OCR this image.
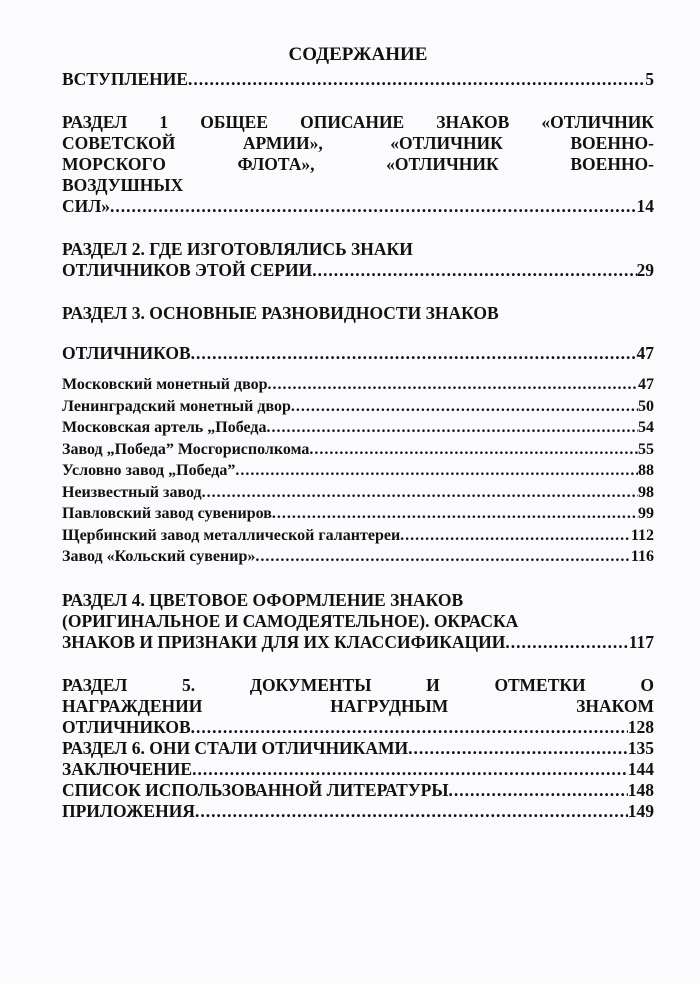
СОДЕРЖАНИЕ
ВСТУПЛЕНИЕ .....	5
РАЗДЕЛ 1 ОБЩЕЕ ОПИСАНИЕ ЗНАКОВ «ОТЛИЧНИК
СОВЕТСКОЙ АРМИИ», «ОТЛИЧНИК ВОЕННО-
МОРСКОГО ФЛОТА», «ОТЛИЧНИК ВОЕННО-
ВОЗДУШНЫХ
СИЛ» .....	14
РАЗДЕЛ 2. ГДЕ ИЗГОТОВЛЯЛИСЬ ЗНАКИ
ОТЛИЧНИКОВ ЭТОЙ СЕРИИ .....	29
РАЗДЕЛ 3. ОСНОВНЫЕ РАЗНОВИДНОСТИ ЗНАКОВ
ОТЛИЧНИКОВ .....	47
Московский монетный двор .....	47
Ленинградский монетный двор .....	50
Московская артель „Победа .....	54
Завод „Победа” Мосгорисполкома .....	55
Условно завод „Победа” .....	88
Неизвестный завод .....	98
Павловский завод сувениров .....	99
Щербинский завод металлической галантереи .....	112
Завод «Кольский сувенир» .....	116
РАЗДЕЛ 4. ЦВЕТОВОЕ ОФОРМЛЕНИЕ ЗНАКОВ
(ОРИГИНАЛЬНОЕ И САМОДЕЯТЕЛЬНОЕ). ОКРАСКА
ЗНАКОВ И ПРИЗНАКИ ДЛЯ ИХ КЛАССИФИКАЦИИ .....	117
РАЗДЕЛ 5. ДОКУМЕНТЫ И ОТМЕТКИ О
НАГРАЖДЕНИИ НАГРУДНЫМ ЗНАКОМ
ОТЛИЧНИКОВ .....	128
РАЗДЕЛ 6. ОНИ СТАЛИ ОТЛИЧНИКАМИ .....	135
ЗАКЛЮЧЕНИЕ .....	144
СПИСОК ИСПОЛЬЗОВАННОЙ ЛИТЕРАТУРЫ .....	148
ПРИЛОЖЕНИЯ .....	149
